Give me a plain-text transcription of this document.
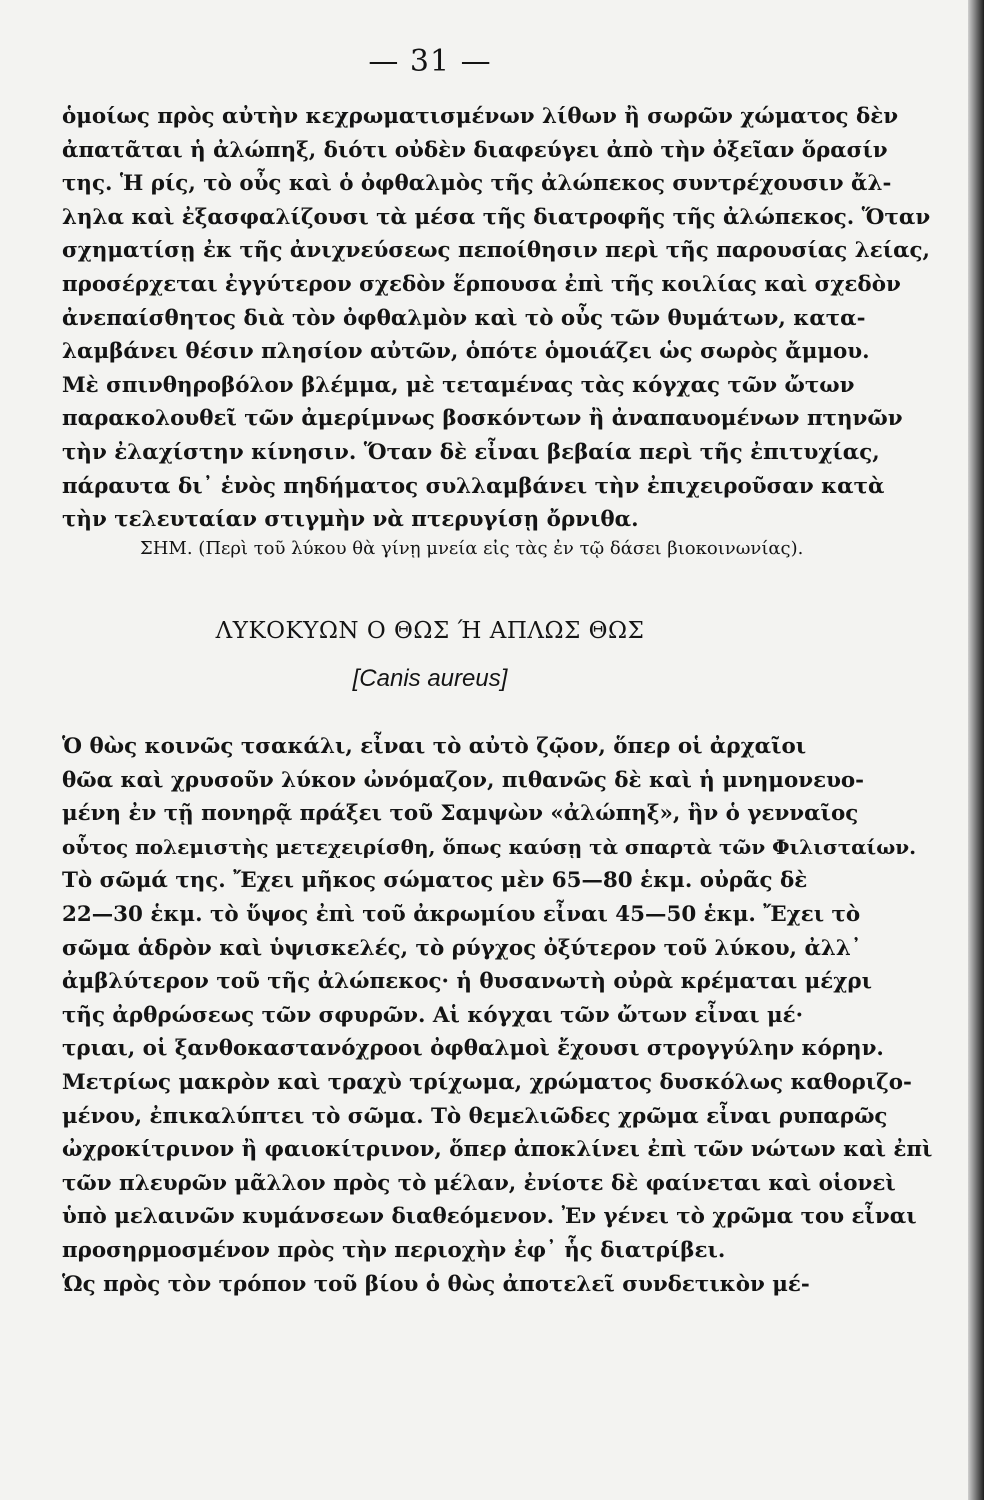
— 31 —
ὁμοίως πρὸς αὐτὴν κεχρωματισμένων λίθων ἢ σωρῶν χώματος δὲν
ἀπατᾶται ἡ ἀλώπηξ, διότι οὐδὲν διαφεύγει ἀπὸ τὴν ὀξεῖαν ὅρασίν
της. Ἡ ρίς, τὸ οὖς καὶ ὁ ὀφθαλμὸς τῆς ἀλώπεκος συντρέχουσιν ἄλ-
ληλα καὶ ἐξασφαλίζουσι τὰ μέσα τῆς διατροφῆς τῆς ἀλώπεκος. Ὅταν
σχηματίσῃ ἐκ τῆς ἀνιχνεύσεως πεποίθησιν περὶ τῆς παρουσίας λείας,
προσέρχεται ἐγγύτερον σχεδὸν ἕρπουσα ἐπὶ τῆς κοιλίας καὶ σχεδὸν
ἀνεπαίσθητος διὰ τὸν ὀφθαλμὸν καὶ τὸ οὖς τῶν θυμάτων, κατα-
λαμβάνει θέσιν πλησίον αὐτῶν, ὁπότε ὁμοιάζει ὡς σωρὸς ἄμμου.
Μὲ σπινθηροβόλον βλέμμα, μὲ τεταμένας τὰς κόγχας τῶν ὤτων
παρακολουθεῖ τῶν ἀμερίμνως βοσκόντων ἢ ἀναπαυομένων πτηνῶν
τὴν ἐλαχίστην κίνησιν. Ὅταν δὲ εἶναι βεβαία περὶ τῆς ἐπιτυχίας,
πάραυτα δι᾿ ἑνὸς πηδήματος συλλαμβάνει τὴν ἐπιχειροῦσαν κατὰ
τὴν τελευταίαν στιγμὴν νὰ πτερυγίσῃ ὄρνιθα.
ΣΗΜ. (Περὶ τοῦ λύκου θὰ γίνῃ μνεία εἰς τὰς ἐν τῷ δάσει βιοκοινωνίας).
ΛΥΚΟΚΥΩΝ Ο ΘΩΣ Ή ΑΠΛΩΣ ΘΩΣ
[Canis aureus]
Ὁ θὼς κοινῶς τσακάλι, εἶναι τὸ αὐτὸ ζῷον, ὅπερ οἱ ἀρχαῖοι
θῶα καὶ χρυσοῦν λύκον ὠνόμαζον, πιθανῶς δὲ καὶ ἡ μνημονευο-
μένη ἐν τῇ πονηρᾷ πράξει τοῦ Σαμψὼν «ἀλώπηξ», ἣν ὁ γενναῖος
οὗτος πολεμιστὴς μετεχειρίσθη, ὅπως καύσῃ τὰ σπαρτὰ τῶν Φιλισταίων.
Τὸ σῶμά της. Ἔχει μῆκος σώματος μὲν 65—80 ἑκμ. οὐρᾶς δὲ
22—30 ἑκμ. τὸ ὕψος ἐπὶ τοῦ ἀκρωμίου εἶναι 45—50 ἑκμ. Ἔχει τὸ
σῶμα ἁδρὸν καὶ ὑψισκελές, τὸ ρύγχος ὀξύτερον τοῦ λύκου, ἀλλ᾿
ἀμβλύτερον τοῦ τῆς ἀλώπεκος· ἡ θυσανωτὴ οὐρὰ κρέμαται μέχρι
τῆς ἀρθρώσεως τῶν σφυρῶν. Αἱ κόγχαι τῶν ὤτων εἶναι μέ·
τριαι, οἱ ξανθοκαστανόχροοι ὀφθαλμοὶ ἔχουσι στρογγύλην κόρην.
Μετρίως μακρὸν καὶ τραχὺ τρίχωμα, χρώματος δυσκόλως καθοριζο-
μένου, ἐπικαλύπτει τὸ σῶμα. Τὸ θεμελιῶδες χρῶμα εἶναι ρυπαρῶς
ὠχροκίτρινον ἢ φαιοκίτρινον, ὅπερ ἀποκλίνει ἐπὶ τῶν νώτων καὶ ἐπὶ
τῶν πλευρῶν μᾶλλον πρὸς τὸ μέλαν, ἐνίοτε δὲ φαίνεται καὶ οἱονεὶ
ὑπὸ μελαινῶν κυμάνσεων διαθεόμενον. Ἐν γένει τὸ χρῶμα του εἶναι
προσηρμοσμένον πρὸς τὴν περιοχὴν ἐφ᾿ ἧς διατρίβει.
Ὡς πρὸς τὸν τρόπον τοῦ βίου ὁ θὼς ἀποτελεῖ συνδετικὸν μέ-
